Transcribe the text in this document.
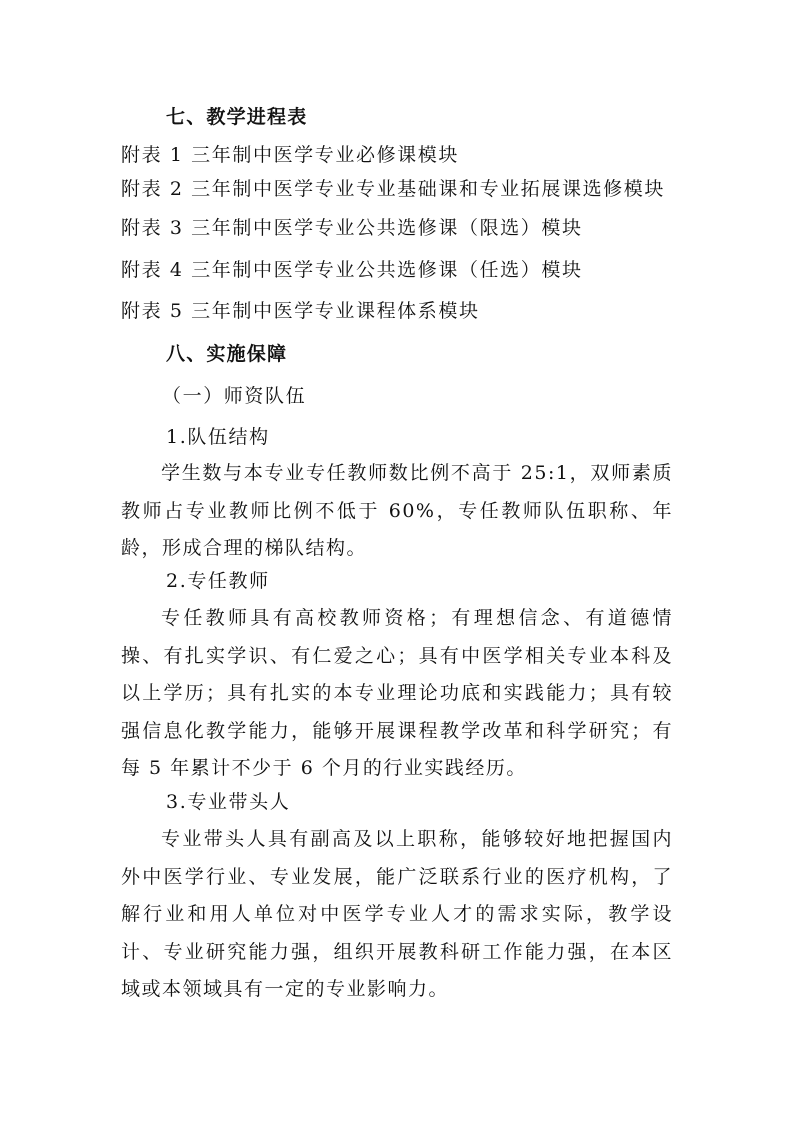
七、教学进程表
附表 1 三年制中医学专业必修课模块
附表 2 三年制中医学专业专业基础课和专业拓展课选修模块
附表 3 三年制中医学专业公共选修课（限选）模块
附表 4 三年制中医学专业公共选修课（任选）模块
附表 5 三年制中医学专业课程体系模块
八、实施保障
（一）师资队伍
1.队伍结构
学生数与本专业专任教师数比例不高于 25:1，双师素质教师占专业教师比例不低于 60%，专任教师队伍职称、年龄，形成合理的梯队结构。
2.专任教师
专任教师具有高校教师资格；有理想信念、有道德情操、有扎实学识、有仁爱之心；具有中医学相关专业本科及以上学历；具有扎实的本专业理论功底和实践能力；具有较强信息化教学能力，能够开展课程教学改革和科学研究；有每 5 年累计不少于 6 个月的行业实践经历。
3.专业带头人
专业带头人具有副高及以上职称，能够较好地把握国内外中医学行业、专业发展，能广泛联系行业的医疗机构，了解行业和用人单位对中医学专业人才的需求实际，教学设计、专业研究能力强，组织开展教科研工作能力强，在本区域或本领域具有一定的专业影响力。
